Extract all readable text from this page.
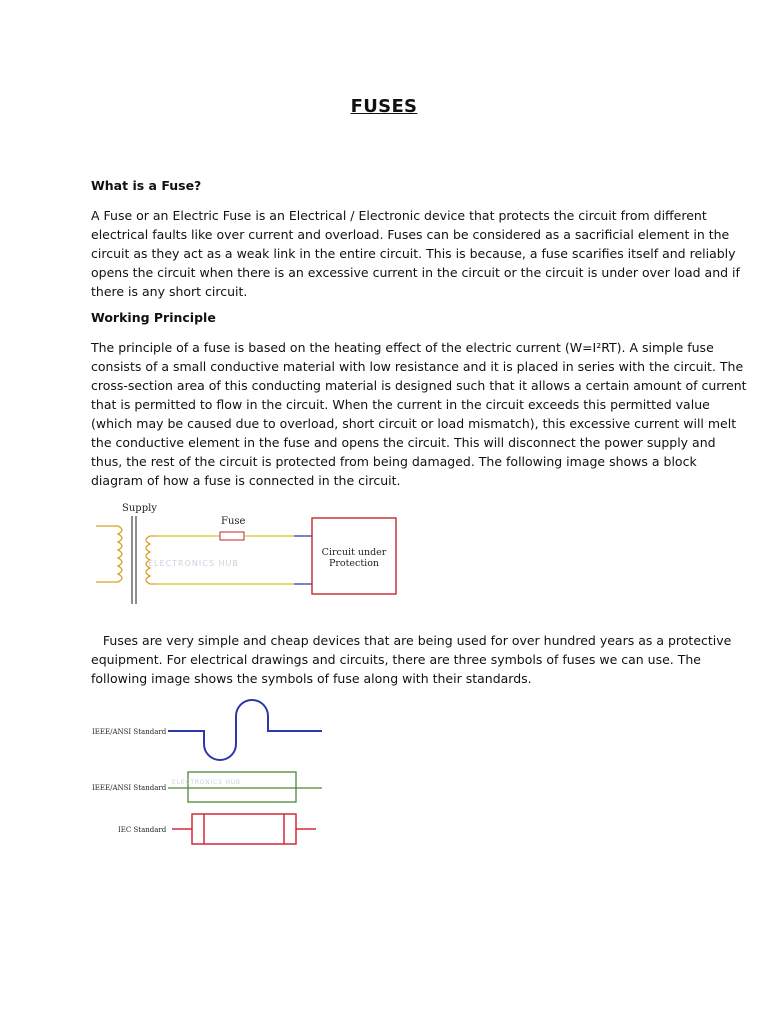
FUSES
What is a Fuse?

A Fuse or an Electric Fuse is an Electrical / Electronic device that protects the circuit from different
electrical faults like over current and overload. Fuses can be considered as a sacrificial element in the
circuit as they act as a weak link in the entire circuit. This is because, a fuse scarifies itself and reliably
opens the circuit when there is an excessive current in the circuit or the circuit is under over load and if
there is any short circuit.

Working Principle

The principle of a fuse is based on the heating effect of the electric current (W=I²RT). A simple fuse
consists of a small conductive material with low resistance and it is placed in series with the circuit. The
cross-section area of this conducting material is designed such that it allows a certain amount of current
that is permitted to flow in the circuit. When the current in the circuit exceeds this permitted value
(which may be caused due to overload, short circuit or load mismatch), this excessive current will melt
the conductive element in the fuse and opens the circuit. This will disconnect the power supply and
thus, the rest of the circuit is protected from being damaged. The following image shows a block
diagram of how a fuse is connected in the circuit.

Supply
Fuse
ELECTRONICS HUB
Circuit under
Protection

Fuses are very simple and cheap devices that are being used for over hundred years as a protective
equipment. For electrical drawings and circuits, there are three symbols of fuses we can use. The
following image shows the symbols of fuse along with their standards.

IEEE/ANSI Standard
IEEE/ANSI Standard
ELECTRONICS HUB
IEC Standard
